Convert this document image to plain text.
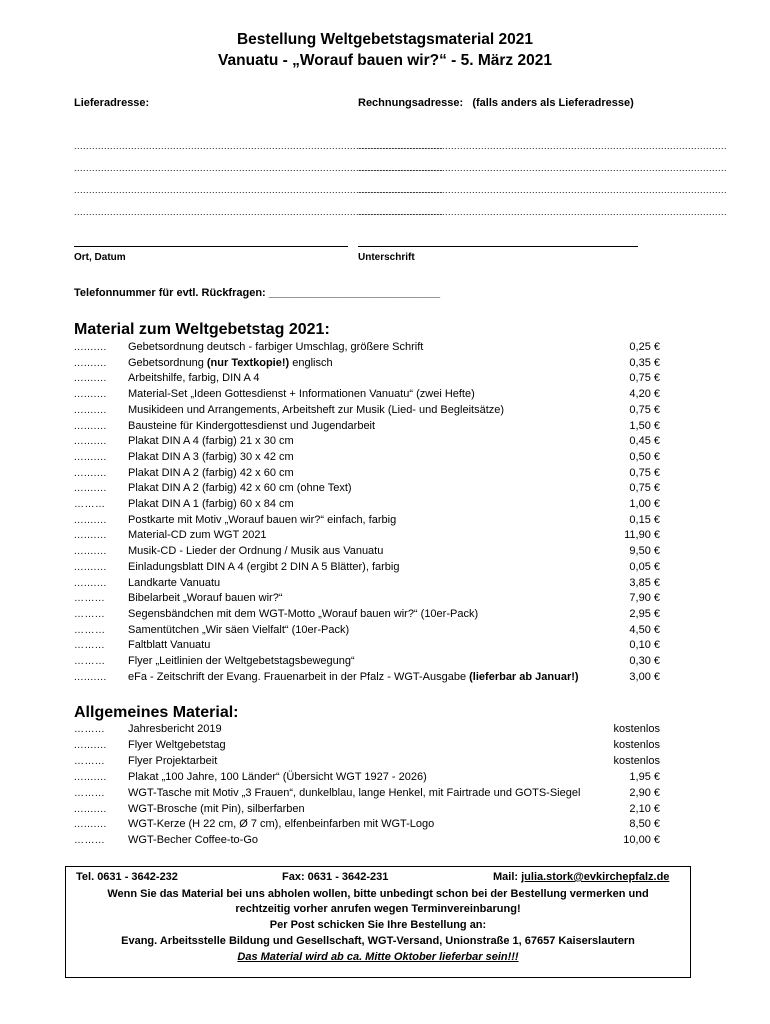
Bestellung Weltgebetstagsmaterial 2021
Vanuatu - „Worauf bauen wir?“ - 5. März 2021
Lieferadresse:	Rechnungsadresse: (falls anders als Lieferadresse)
...........................................................................................................................
...........................................................................................................................
...........................................................................................................................
...........................................................................................................................
...........................................................................................................................
...........................................................................................................................
...........................................................................................................................
...........................................................................................................................
Ort, Datum	Unterschrift
Telefonnummer für evtl. Rückfragen: ____________________________
Material zum Weltgebetstag 2021:
..........	Gebetsordnung deutsch - farbiger Umschlag, größere Schrift	0,25 €
..........	Gebetsordnung (nur Textkopie!) englisch	0,35 €
..........	Arbeitshilfe, farbig, DIN A 4	0,75 €
..........	Material-Set „Ideen Gottesdienst + Informationen Vanuatu“ (zwei Hefte)	4,20 €
..........	Musikideen und Arrangements, Arbeitsheft zur Musik (Lied- und Begleitsätze)	0,75 €
..........	Bausteine für Kindergottesdienst und Jugendarbeit	1,50 €
..........	Plakat DIN A 4 (farbig) 21 x 30 cm	0,45 €
..........	Plakat DIN A 3 (farbig) 30 x 42 cm	0,50 €
..........	Plakat DIN A 2 (farbig) 42 x 60 cm	0,75 €
..........	Plakat DIN A 2 (farbig) 42 x 60 cm (ohne Text)	0,75 €
………	Plakat DIN A 1 (farbig) 60 x 84 cm	1,00 €
..........	Postkarte mit Motiv „Worauf bauen wir?“ einfach, farbig	0,15 €
..........	Material-CD zum WGT 2021	11,90 €
..........	Musik-CD - Lieder der Ordnung / Musik aus Vanuatu	9,50 €
..........	Einladungsblatt DIN A 4 (ergibt 2 DIN A 5 Blätter), farbig	0,05 €
..........	Landkarte Vanuatu	3,85 €
……...	Bibelarbeit „Worauf bauen wir?“	7,90 €
……...	Segensbändchen mit dem WGT-Motto „Worauf bauen wir?“ (10er-Pack)	2,95 €
………	Samentütchen „Wir säen Vielfalt“ (10er-Pack)	4,50 €
……...	Faltblatt Vanuatu	0,10 €
………	Flyer „Leitlinien der Weltgebetstagsbewegung“	0,30 €
..........	eFa - Zeitschrift der Evang. Frauenarbeit in der Pfalz - WGT-Ausgabe (lieferbar ab Januar!)	3,00 €
Allgemeines Material:
……...	Jahresbericht 2019	kostenlos
..........	Flyer Weltgebetstag	kostenlos
……...	Flyer Projektarbeit	kostenlos
..........	Plakat „100 Jahre, 100 Länder“ (Übersicht WGT 1927 - 2026)	1,95 €
……...	WGT-Tasche mit Motiv „3 Frauen“, dunkelblau, lange Henkel, mit Fairtrade und GOTS-Siegel	2,90 €
..........	WGT-Brosche (mit Pin), silberfarben	2,10 €
..........	WGT-Kerze (H 22 cm, Ø 7 cm), elfenbeinfarben mit WGT-Logo	8,50 €
……...	WGT-Becher Coffee-to-Go	10,00 €
Tel. 0631 - 3642-232	Fax: 0631 - 3642-231	Mail: julia.stork@evkirchepfalz.de
Wenn Sie das Material bei uns abholen wollen, bitte unbedingt schon bei der Bestellung vermerken und
rechtzeitig vorher anrufen wegen Terminvereinbarung!
Per Post schicken Sie Ihre Bestellung an:
Evang. Arbeitsstelle Bildung und Gesellschaft, WGT-Versand, Unionstraße 1, 67657 Kaiserslautern
Das Material wird ab ca. Mitte Oktober lieferbar sein!!!
